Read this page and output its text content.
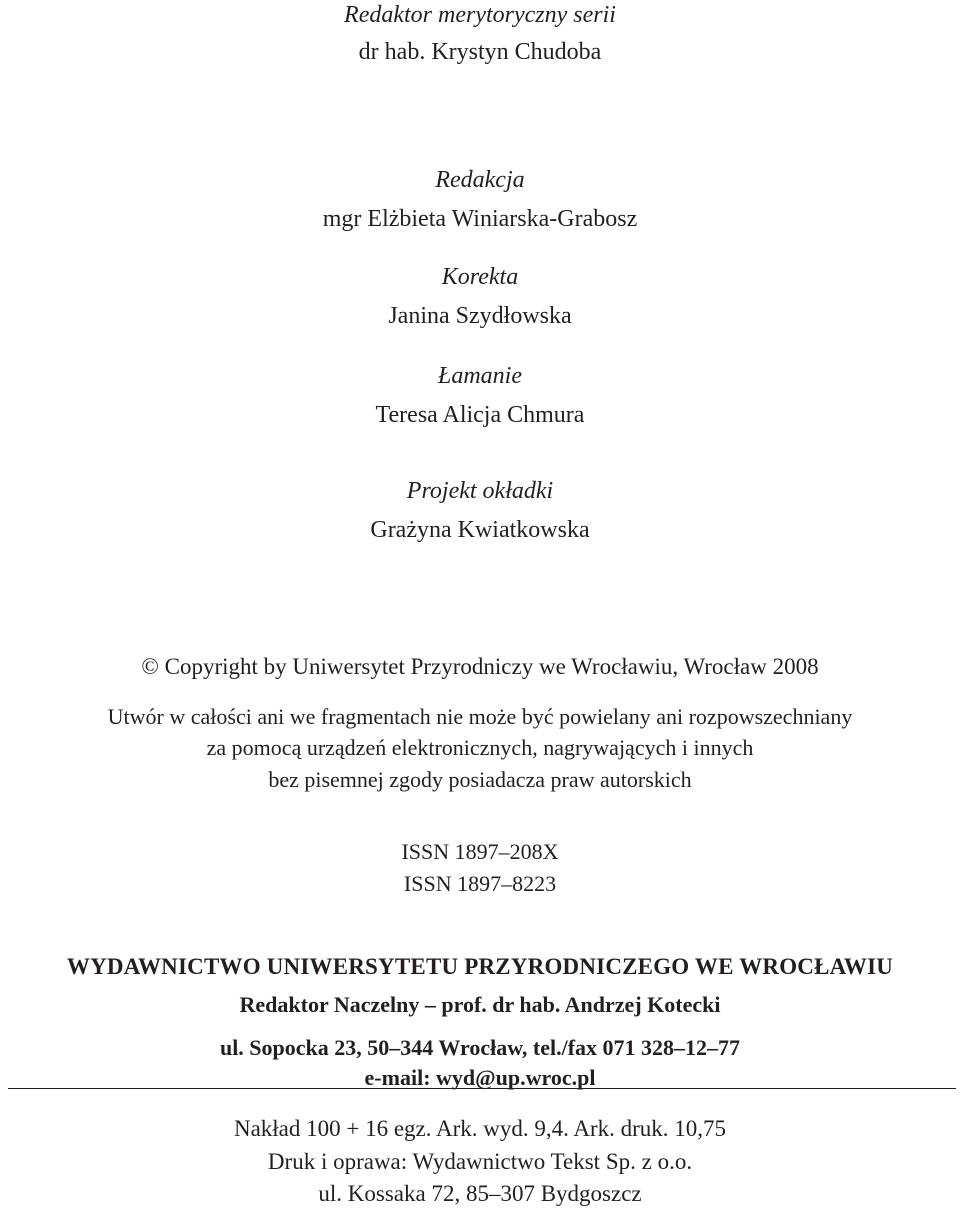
Redaktor merytoryczny serii
dr hab. Krystyn Chudoba
Redakcja
mgr Elżbieta Winiarska-Grabosz
Korekta
Janina Szydłowska
Łamanie
Teresa Alicja Chmura
Projekt okładki
Grażyna Kwiatkowska
© Copyright by Uniwersytet Przyrodniczy we Wrocławiu, Wrocław 2008
Utwór w całości ani we fragmentach nie może być powielany ani rozpowszechniany
za pomocą urządzeń elektronicznych, nagrywających i innych
bez pisemnej zgody posiadacza praw autorskich
ISSN 1897–208X
ISSN 1897–8223
WYDAWNICTWO UNIWERSYTETU PRZYRODNICZEGO WE WROCŁAWIU
Redaktor Naczelny – prof. dr hab. Andrzej Kotecki
ul. Sopocka 23, 50–344 Wrocław, tel./fax 071 328–12–77
e-mail: wyd@up.wroc.pl
Nakład 100 + 16 egz. Ark. wyd. 9,4. Ark. druk. 10,75
Druk i oprawa: Wydawnictwo Tekst Sp. z o.o.
ul. Kossaka 72, 85–307 Bydgoszcz
